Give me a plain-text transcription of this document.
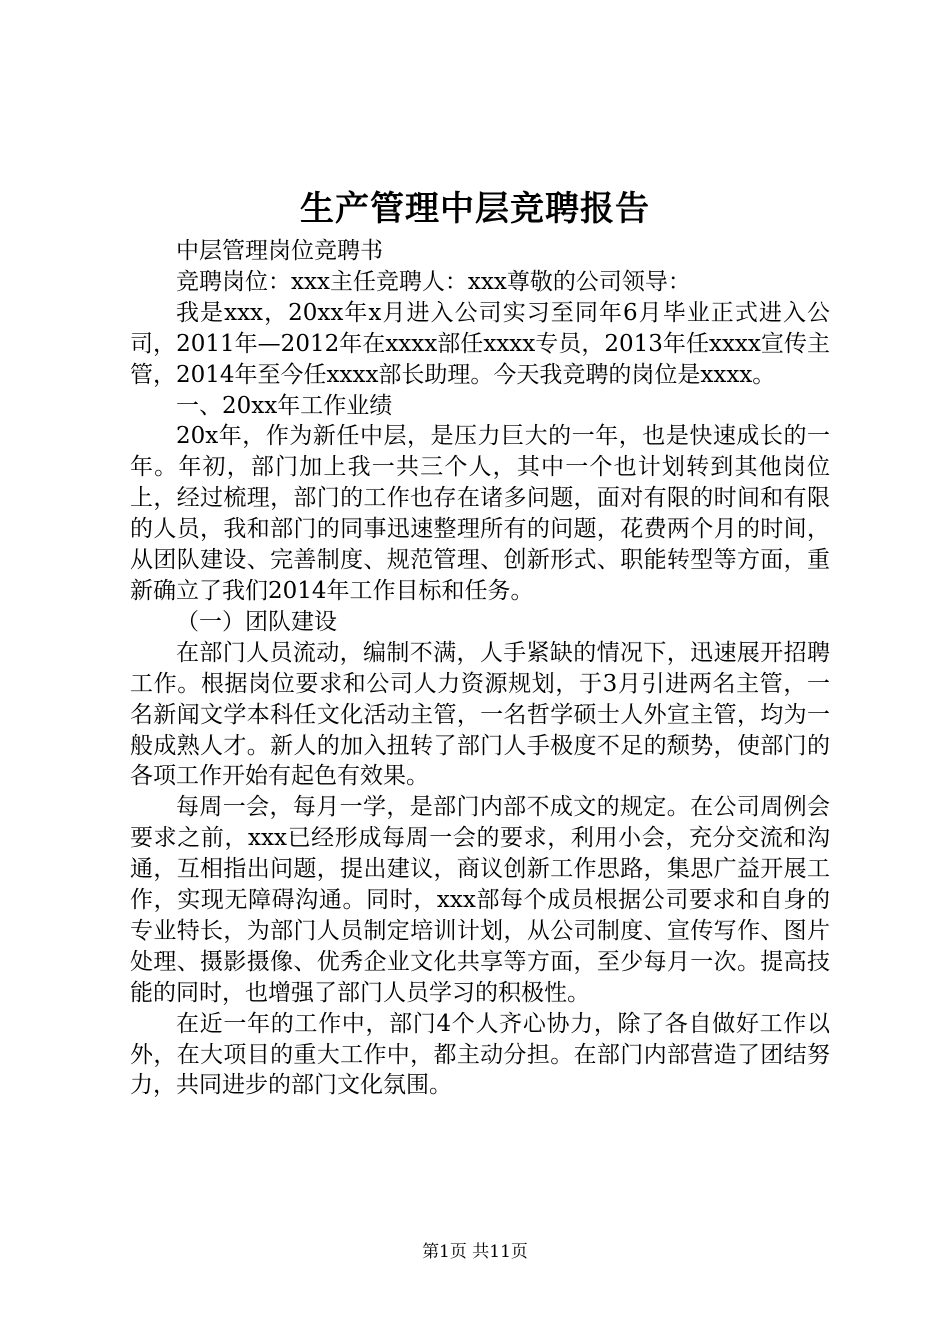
生产管理中层竞聘报告

中层管理岗位竞聘书

竞聘岗位：xxx主任竞聘人：xxx尊敬的公司领导：

我是xxx，20xx年x月进入公司实习至同年6月毕业正式进入公司，2011年—2012年在xxxx部任xxxx专员，2013年任xxxx宣传主管，2014年至今任xxxx部长助理。今天我竞聘的岗位是xxxx。

一、20xx年工作业绩

20x年，作为新任中层，是压力巨大的一年，也是快速成长的一年。年初，部门加上我一共三个人，其中一个也计划转到其他岗位上，经过梳理，部门的工作也存在诸多问题，面对有限的时间和有限的人员，我和部门的同事迅速整理所有的问题，花费两个月的时间，从团队建设、完善制度、规范管理、创新形式、职能转型等方面，重新确立了我们2014年工作目标和任务。

（一）团队建设

在部门人员流动，编制不满，人手紧缺的情况下，迅速展开招聘工作。根据岗位要求和公司人力资源规划，于3月引进两名主管，一名新闻文学本科任文化活动主管，一名哲学硕士人外宣主管，均为一般成熟人才。新人的加入扭转了部门人手极度不足的颓势，使部门的各项工作开始有起色有效果。

每周一会，每月一学，是部门内部不成文的规定。在公司周例会要求之前，xxx已经形成每周一会的要求，利用小会，充分交流和沟通，互相指出问题，提出建议，商议创新工作思路，集思广益开展工作，实现无障碍沟通。同时，xxx部每个成员根据公司要求和自身的专业特长，为部门人员制定培训计划，从公司制度、宣传写作、图片处理、摄影摄像、优秀企业文化共享等方面，至少每月一次。提高技能的同时，也增强了部门人员学习的积极性。

在近一年的工作中，部门4个人齐心协力，除了各自做好工作以外，在大项目的重大工作中，都主动分担。在部门内部营造了团结努力，共同进步的部门文化氛围。

第1页 共11页
